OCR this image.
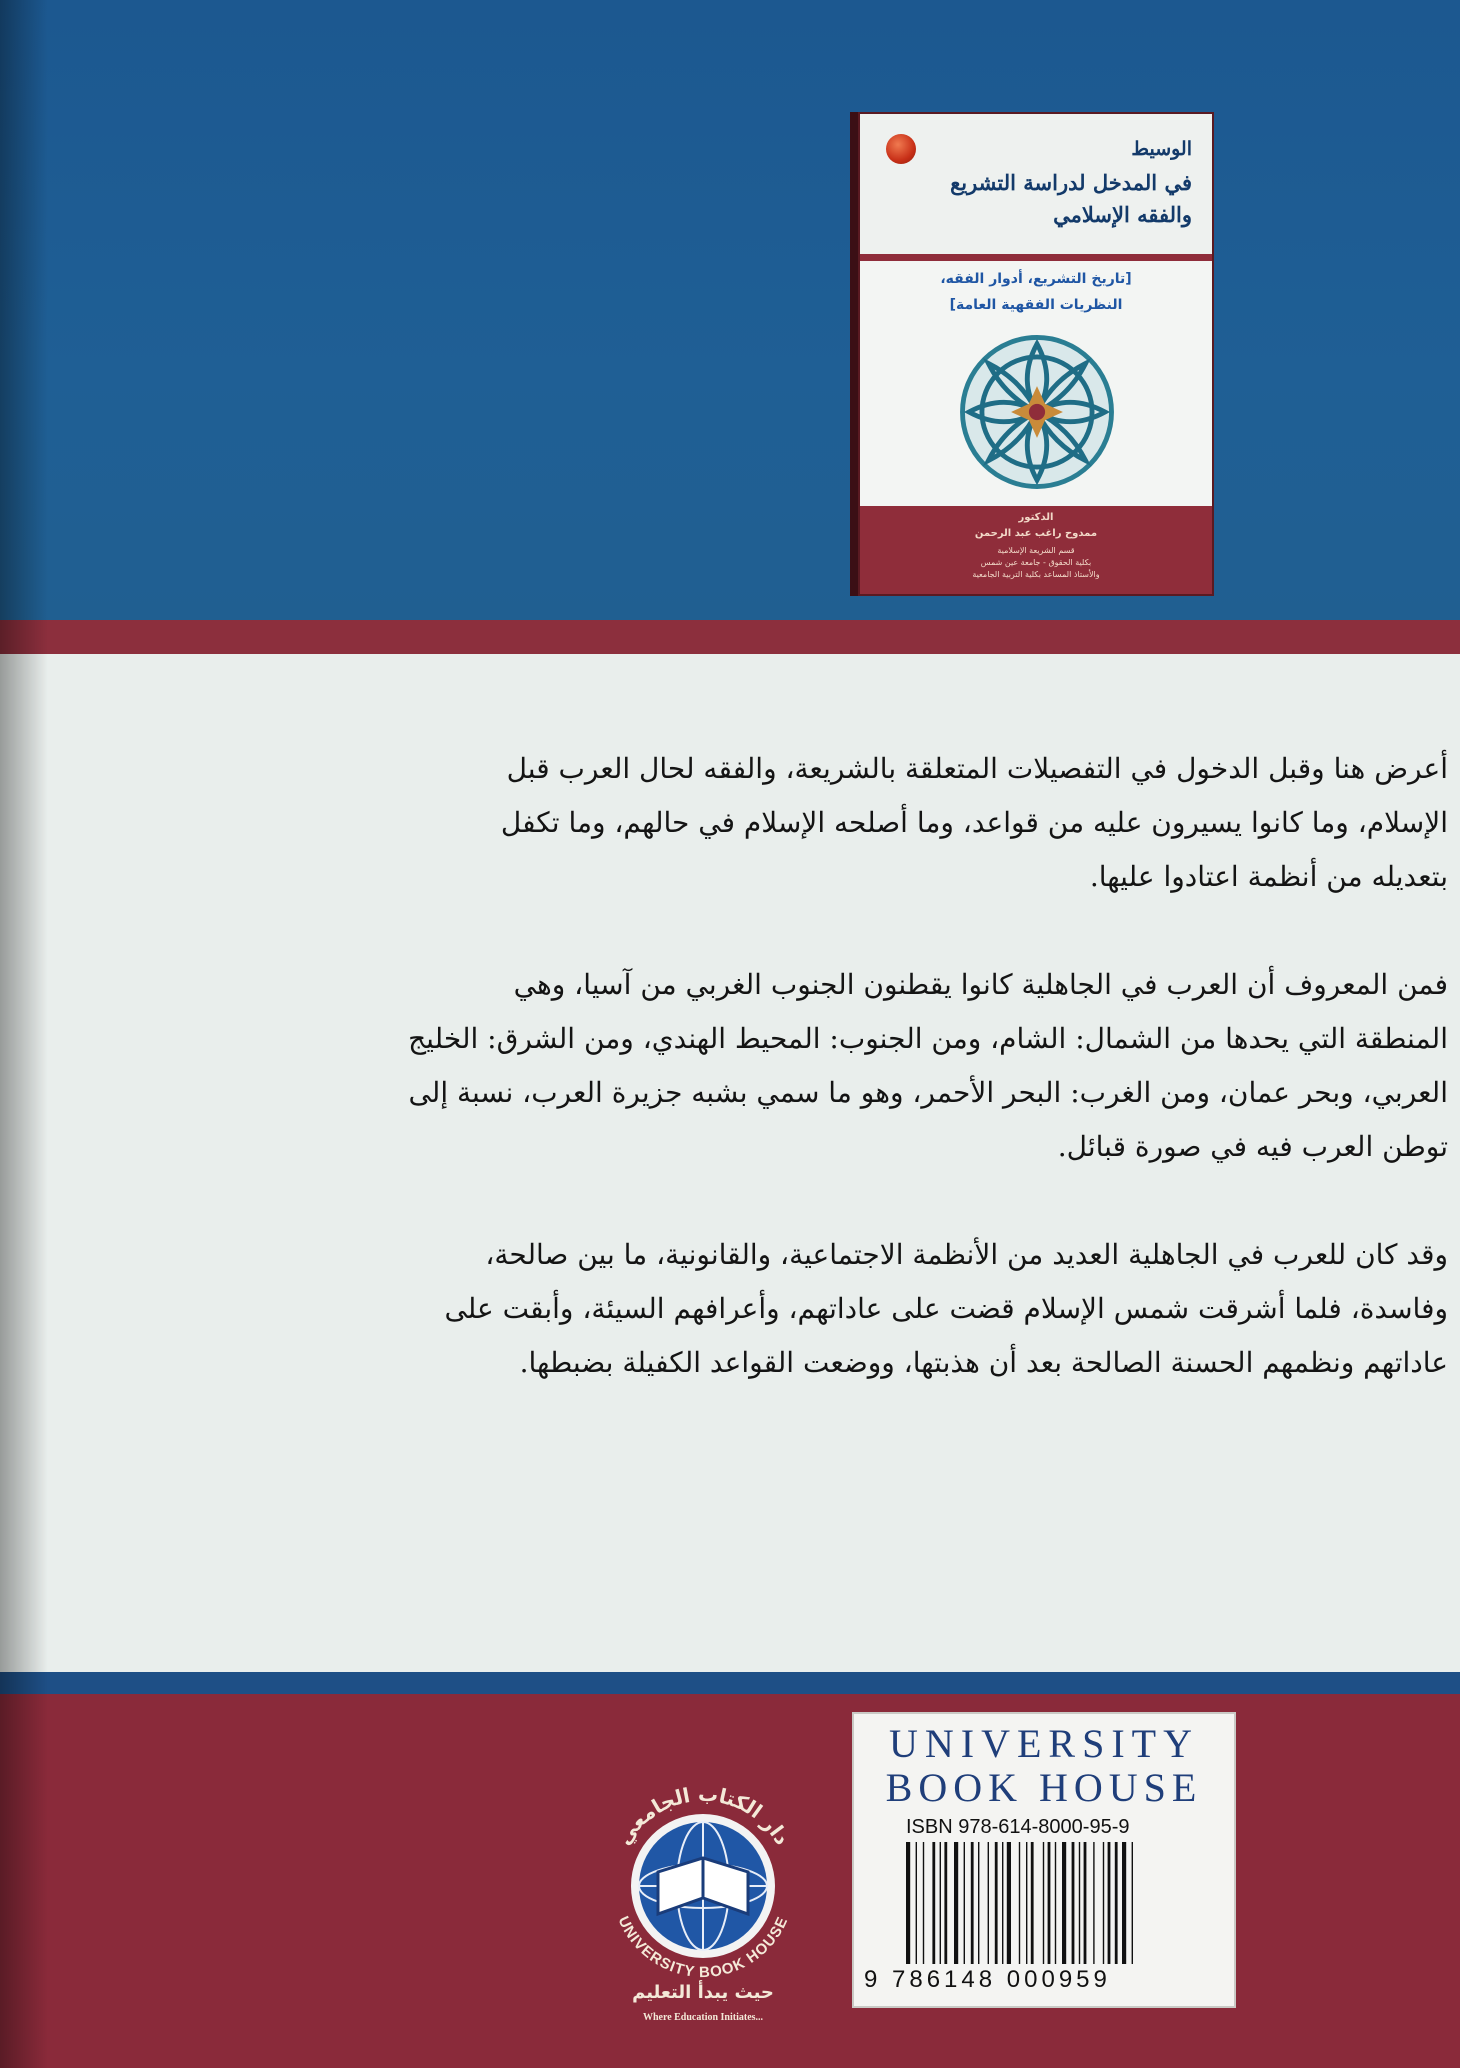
الوسيط
في المدخل لدراسة التشريع
والفقه الإسلامي
[تاريخ التشريع، أدوار الفقه،
النظريات الفقهية العامة]
الدكتور
ممدوح راغب عبد الرحمن
قسم الشريعة الإسلامية
بكلية الحقوق - جامعة عين شمس
والأستاذ المساعد بكلية التربية الجامعية
أعرض هنا وقبل الدخول في التفصيلات المتعلقة بالشريعة، والفقه لحال العرب قبل
الإسلام، وما كانوا يسيرون عليه من قواعد، وما أصلحه الإسلام في حالهم، وما تكفل
بتعديله من أنظمة اعتادوا عليها.
فمن المعروف أن العرب في الجاهلية كانوا يقطنون الجنوب الغربي من آسيا، وهي
المنطقة التي يحدها من الشمال: الشام، ومن الجنوب: المحيط الهندي، ومن الشرق: الخليج
العربي، وبحر عمان، ومن الغرب: البحر الأحمر، وهو ما سمي بشبه جزيرة العرب، نسبة إلى
توطن العرب فيه في صورة قبائل.
وقد كان للعرب في الجاهلية العديد من الأنظمة الاجتماعية، والقانونية، ما بين صالحة،
وفاسدة، فلما أشرقت شمس الإسلام قضت على عاداتهم، وأعرافهم السيئة، وأبقت على
عاداتهم ونظمهم الحسنة الصالحة بعد أن هذبتها، ووضعت القواعد الكفيلة بضبطها.
دار الكتاب الجامعي
UNIVERSITY BOOK HOUSE
حيث يبدأ التعليم
Where Education Initiates...
UNIVERSITY
BOOK HOUSE
ISBN 978-614-8000-95-9
9 786148 000959
